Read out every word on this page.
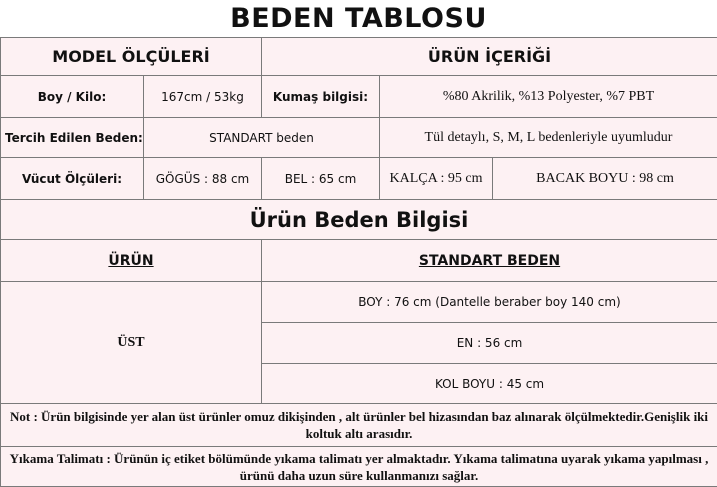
BEDEN TABLOSU
MODEL ÖLÇÜLERİ		ÜRÜN İÇERİĞİ		
Boy / Kilo:	167cm / 53kg	Kumaş bilgisi:	%80 Akrilik, %13 Polyester, %7 PBT	
Tercih Edilen Beden:	STANDART beden		Tül detaylı, S, M, L bedenleriyle uyumludur	
Vücut Ölçüleri:	GÖGÜS : 88 cm	BEL : 65 cm	KALÇA : 95 cm	BACAK BOYU : 98 cm
Ürün Beden Bilgisi				
ÜRÜN		STANDART BEDEN		
ÜST		BOY : 76 cm (Dantelle beraber boy 140 cm)		
		EN : 56 cm		
		KOL BOYU : 45 cm		
Not : Ürün bilgisinde yer alan üst ürünler omuz dikişinden , alt ürünler bel hizasından baz alınarak ölçülmektedir.Genişlik iki koltuk altı arasıdır.				
Yıkama Talimatı : Ürünün iç etiket bölümünde yıkama talimatı yer almaktadır. Yıkama talimatına uyarak yıkama yapılması , ürünü daha uzun süre kullanmanızı sağlar.				
